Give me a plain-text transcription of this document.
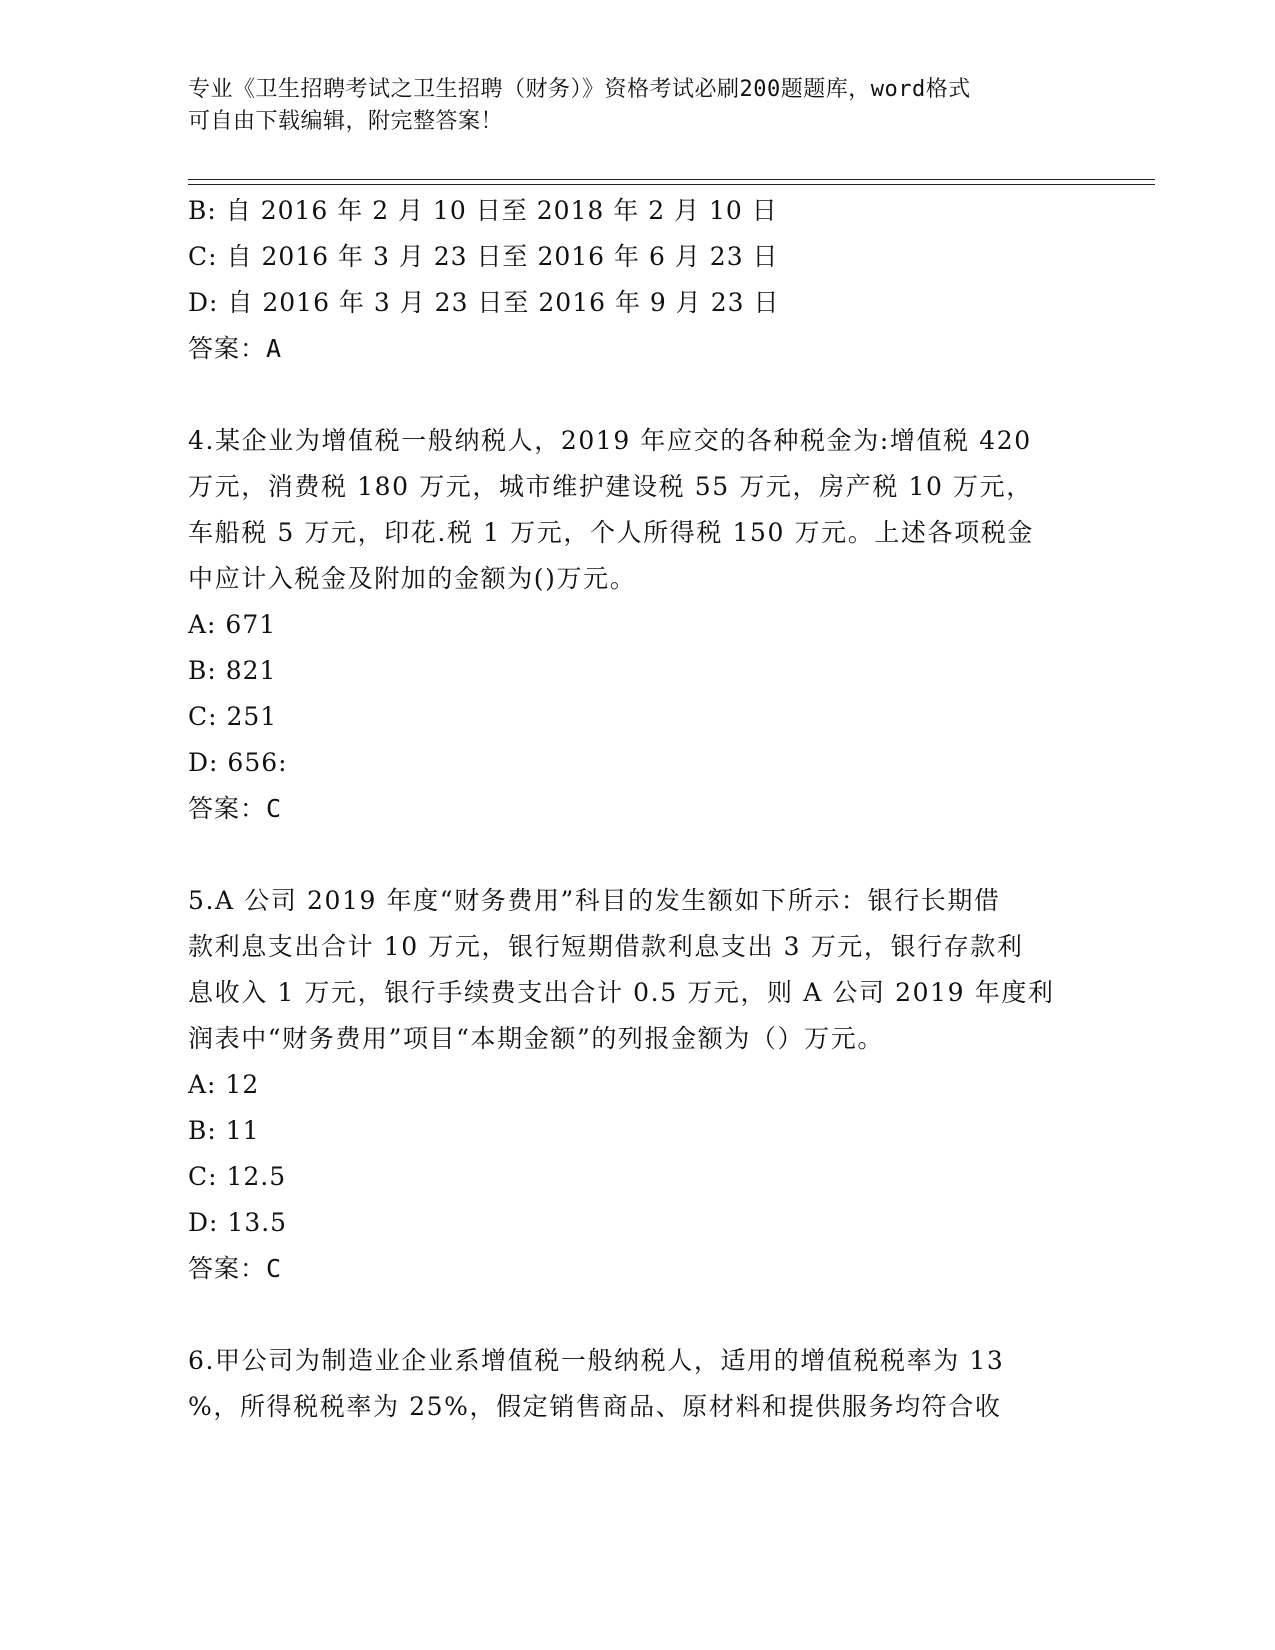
专业《卫生招聘考试之卫生招聘（财务）》资格考试必刷200题题库，word格式
可自由下载编辑，附完整答案！
B: 自 2016 年 2 月 10 日至 2018 年 2 月 10 日
C: 自 2016 年 3 月 23 日至 2016 年 6 月 23 日
D: 自 2016 年 3 月 23 日至 2016 年 9 月 23 日
答案：A
4.某企业为增值税一般纳税人，2019 年应交的各种税金为:增值税 420
万元，消费税 180 万元，城市维护建设税 55 万元，房产税 10 万元，
车船税 5 万元，印花.税 1 万元，个人所得税 150 万元。上述各项税金
中应计入税金及附加的金额为()万元。
A: 671
B: 821
C: 251
D: 656:
答案：C
5.A 公司 2019 年度“财务费用”科目的发生额如下所示：银行长期借
款利息支出合计 10 万元，银行短期借款利息支出 3 万元，银行存款利
息收入 1 万元，银行手续费支出合计 0.5 万元，则 A 公司 2019 年度利
润表中“财务费用”项目“本期金额”的列报金额为（）万元。
A: 12
B: 11
C: 12.5
D: 13.5
答案：C
6.甲公司为制造业企业系增值税一般纳税人，适用的增值税税率为 13
%，所得税税率为 25%，假定销售商品、原材料和提供服务均符合收
